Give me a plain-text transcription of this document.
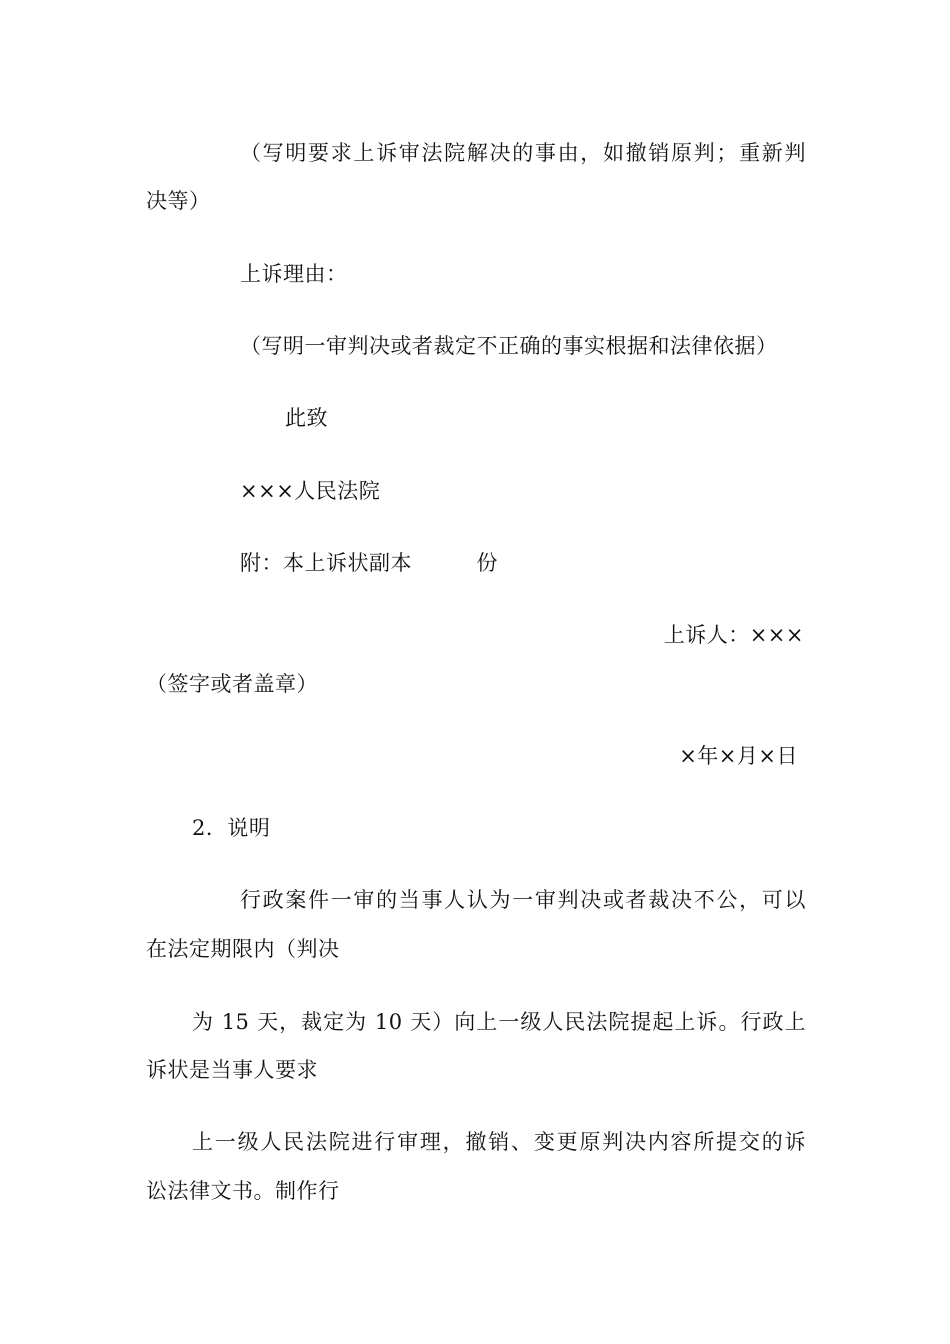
（写明要求上诉审法院解决的事由，如撤销原判；重新判
决等）
上诉理由：
（写明一审判决或者裁定不正确的事实根据和法律依据）
此致
×××人民法院
附：本上诉状副本　　　份
上诉人：×××
（签字或者盖章）
×年×月×日
2．说明
行政案件一审的当事人认为一审判决或者裁决不公，可以
在法定期限内（判决
为 15 天，裁定为 10 天）向上一级人民法院提起上诉。行政上
诉状是当事人要求
上一级人民法院进行审理，撤销、变更原判决内容所提交的诉
讼法律文书。制作行
